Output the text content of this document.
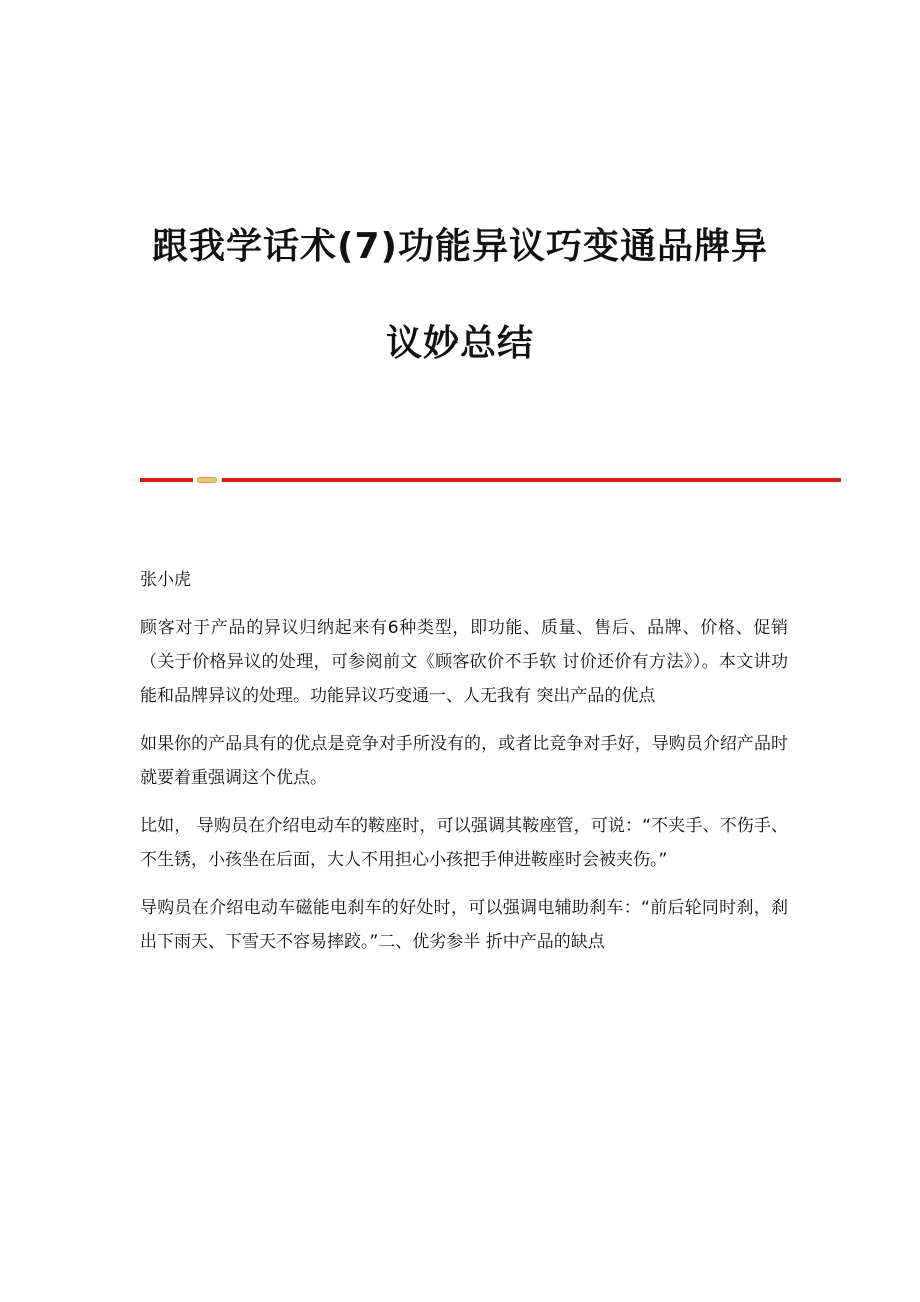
跟我学话术(7)功能异议巧变通品牌异
议妙总结

张小虎

顾客对于产品的异议归纳起来有6种类型，即功能、质量、售后、品牌、价格、促销（关于价格异议的处理，可参阅前文《顾客砍价不手软 讨价还价有方法》）。本文讲功能和品牌异议的处理。功能异议巧变通一、人无我有 突出产品的优点

如果你的产品具有的优点是竞争对手所没有的，或者比竞争对手好，导购员介绍产品时就要着重强调这个优点。

比如， 导购员在介绍电动车的鞍座时，可以强调其鞍座管，可说：“不夹手、不伤手、不生锈，小孩坐在后面，大人不用担心小孩把手伸进鞍座时会被夹伤。”

导购员在介绍电动车磁能电刹车的好处时，可以强调电辅助刹车：“前后轮同时刹，刹出下雨天、下雪天不容易摔跤。”二、优劣参半 折中产品的缺点
